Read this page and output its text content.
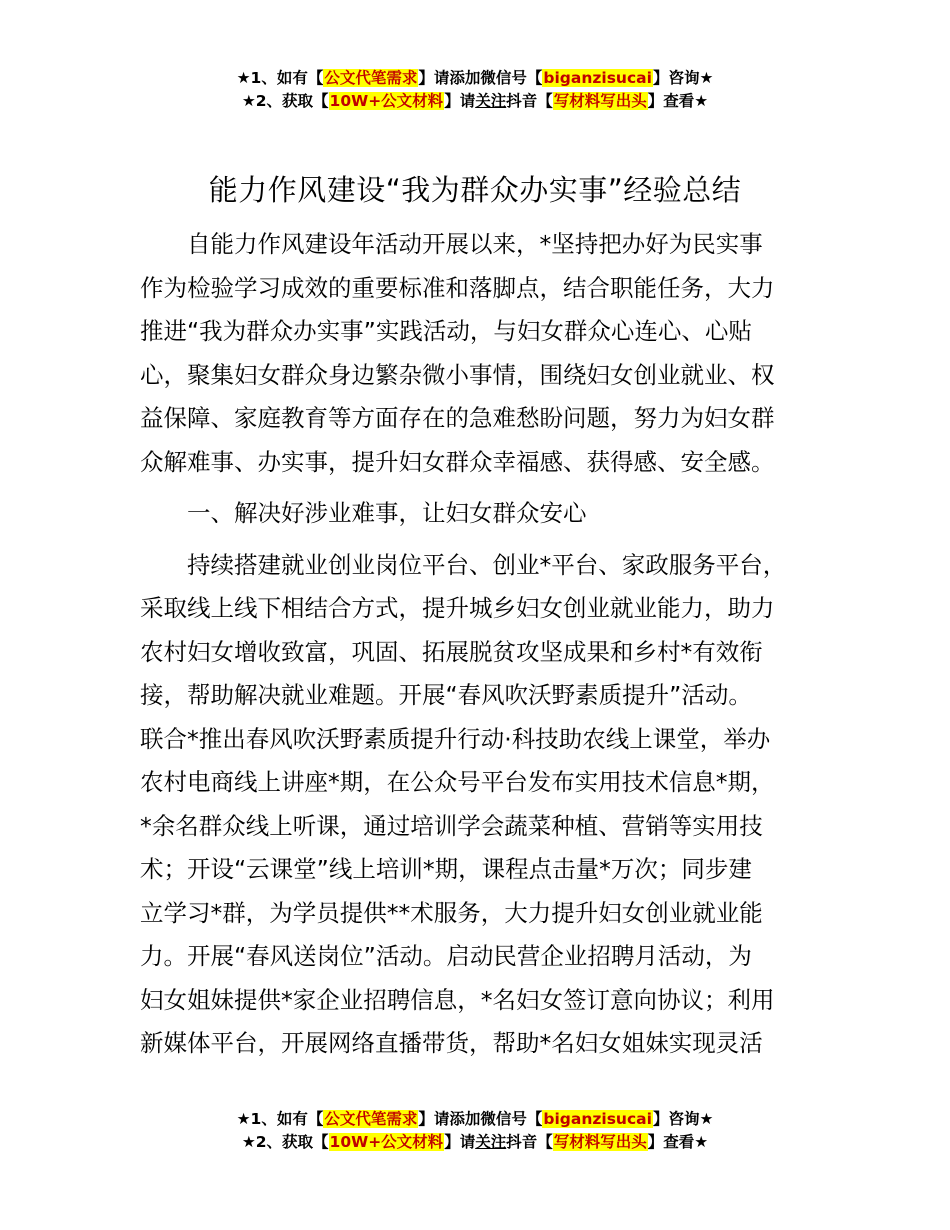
★1、如有【公文代笔需求】请添加微信号【biganzisucai】咨询★
★2、获取【10W+公文材料】请关注抖音【写材料写出头】查看★
能力作风建设“我为群众办实事”经验总结
自能力作风建设年活动开展以来，*坚持把办好为民实事
作为检验学习成效的重要标准和落脚点，结合职能任务，大力
推进“我为群众办实事”实践活动，与妇女群众心连心、心贴
心，聚集妇女群众身边繁杂微小事情，围绕妇女创业就业、权
益保障、家庭教育等方面存在的急难愁盼问题，努力为妇女群
众解难事、办实事，提升妇女群众幸福感、获得感、安全感。
一、解决好涉业难事，让妇女群众安心
持续搭建就业创业岗位平台、创业*平台、家政服务平台，
采取线上线下相结合方式，提升城乡妇女创业就业能力，助力
农村妇女增收致富，巩固、拓展脱贫攻坚成果和乡村*有效衔
接，帮助解决就业难题。开展“春风吹沃野素质提升”活动。
联合*推出春风吹沃野素质提升行动·科技助农线上课堂，举办
农村电商线上讲座*期，在公众号平台发布实用技术信息*期，
*余名群众线上听课，通过培训学会蔬菜种植、营销等实用技
术；开设“云课堂”线上培训*期，课程点击量*万次；同步建
立学习*群，为学员提供**术服务，大力提升妇女创业就业能
力。开展“春风送岗位”活动。启动民营企业招聘月活动，为
妇女姐妹提供*家企业招聘信息，*名妇女签订意向协议；利用
新媒体平台，开展网络直播带货，帮助*名妇女姐妹实现灵活
★1、如有【公文代笔需求】请添加微信号【biganzisucai】咨询★
★2、获取【10W+公文材料】请关注抖音【写材料写出头】查看★
